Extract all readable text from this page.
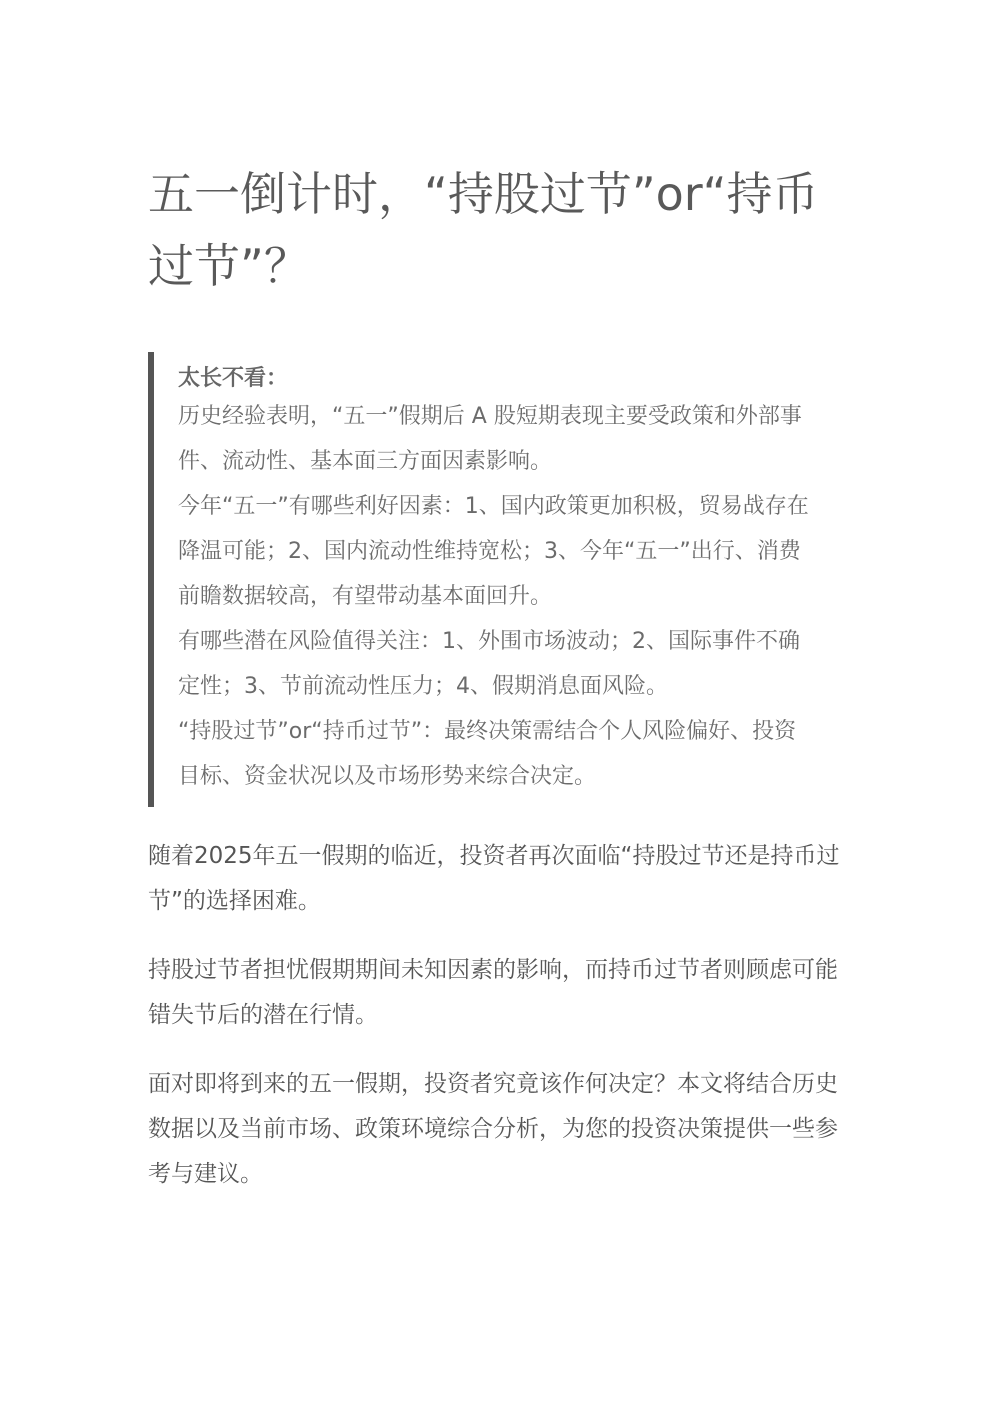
五一倒计时，“持股过节”or“持币过节”？
太长不看：

历史经验表明，“五一”假期后 A 股短期表现主要受政策和外部事件、流动性、基本面三方面因素影响。

今年“五一”有哪些利好因素：1、国内政策更加积极，贸易战存在降温可能；2、国内流动性维持宽松；3、今年“五一”出行、消费前瞻数据较高，有望带动基本面回升。

有哪些潜在风险值得关注：1、外围市场波动；2、国际事件不确定性；3、节前流动性压力；4、假期消息面风险。

“持股过节”or“持币过节”：最终决策需结合个人风险偏好、投资目标、资金状况以及市场形势来综合决定。

随着2025年五一假期的临近，投资者再次面临“持股过节还是持币过节”的选择困难。

持股过节者担忧假期期间未知因素的影响，而持币过节者则顾虑可能错失节后的潜在行情。

面对即将到来的五一假期，投资者究竟该作何决定？本文将结合历史数据以及当前市场、政策环境综合分析，为您的投资决策提供一些参考与建议。
